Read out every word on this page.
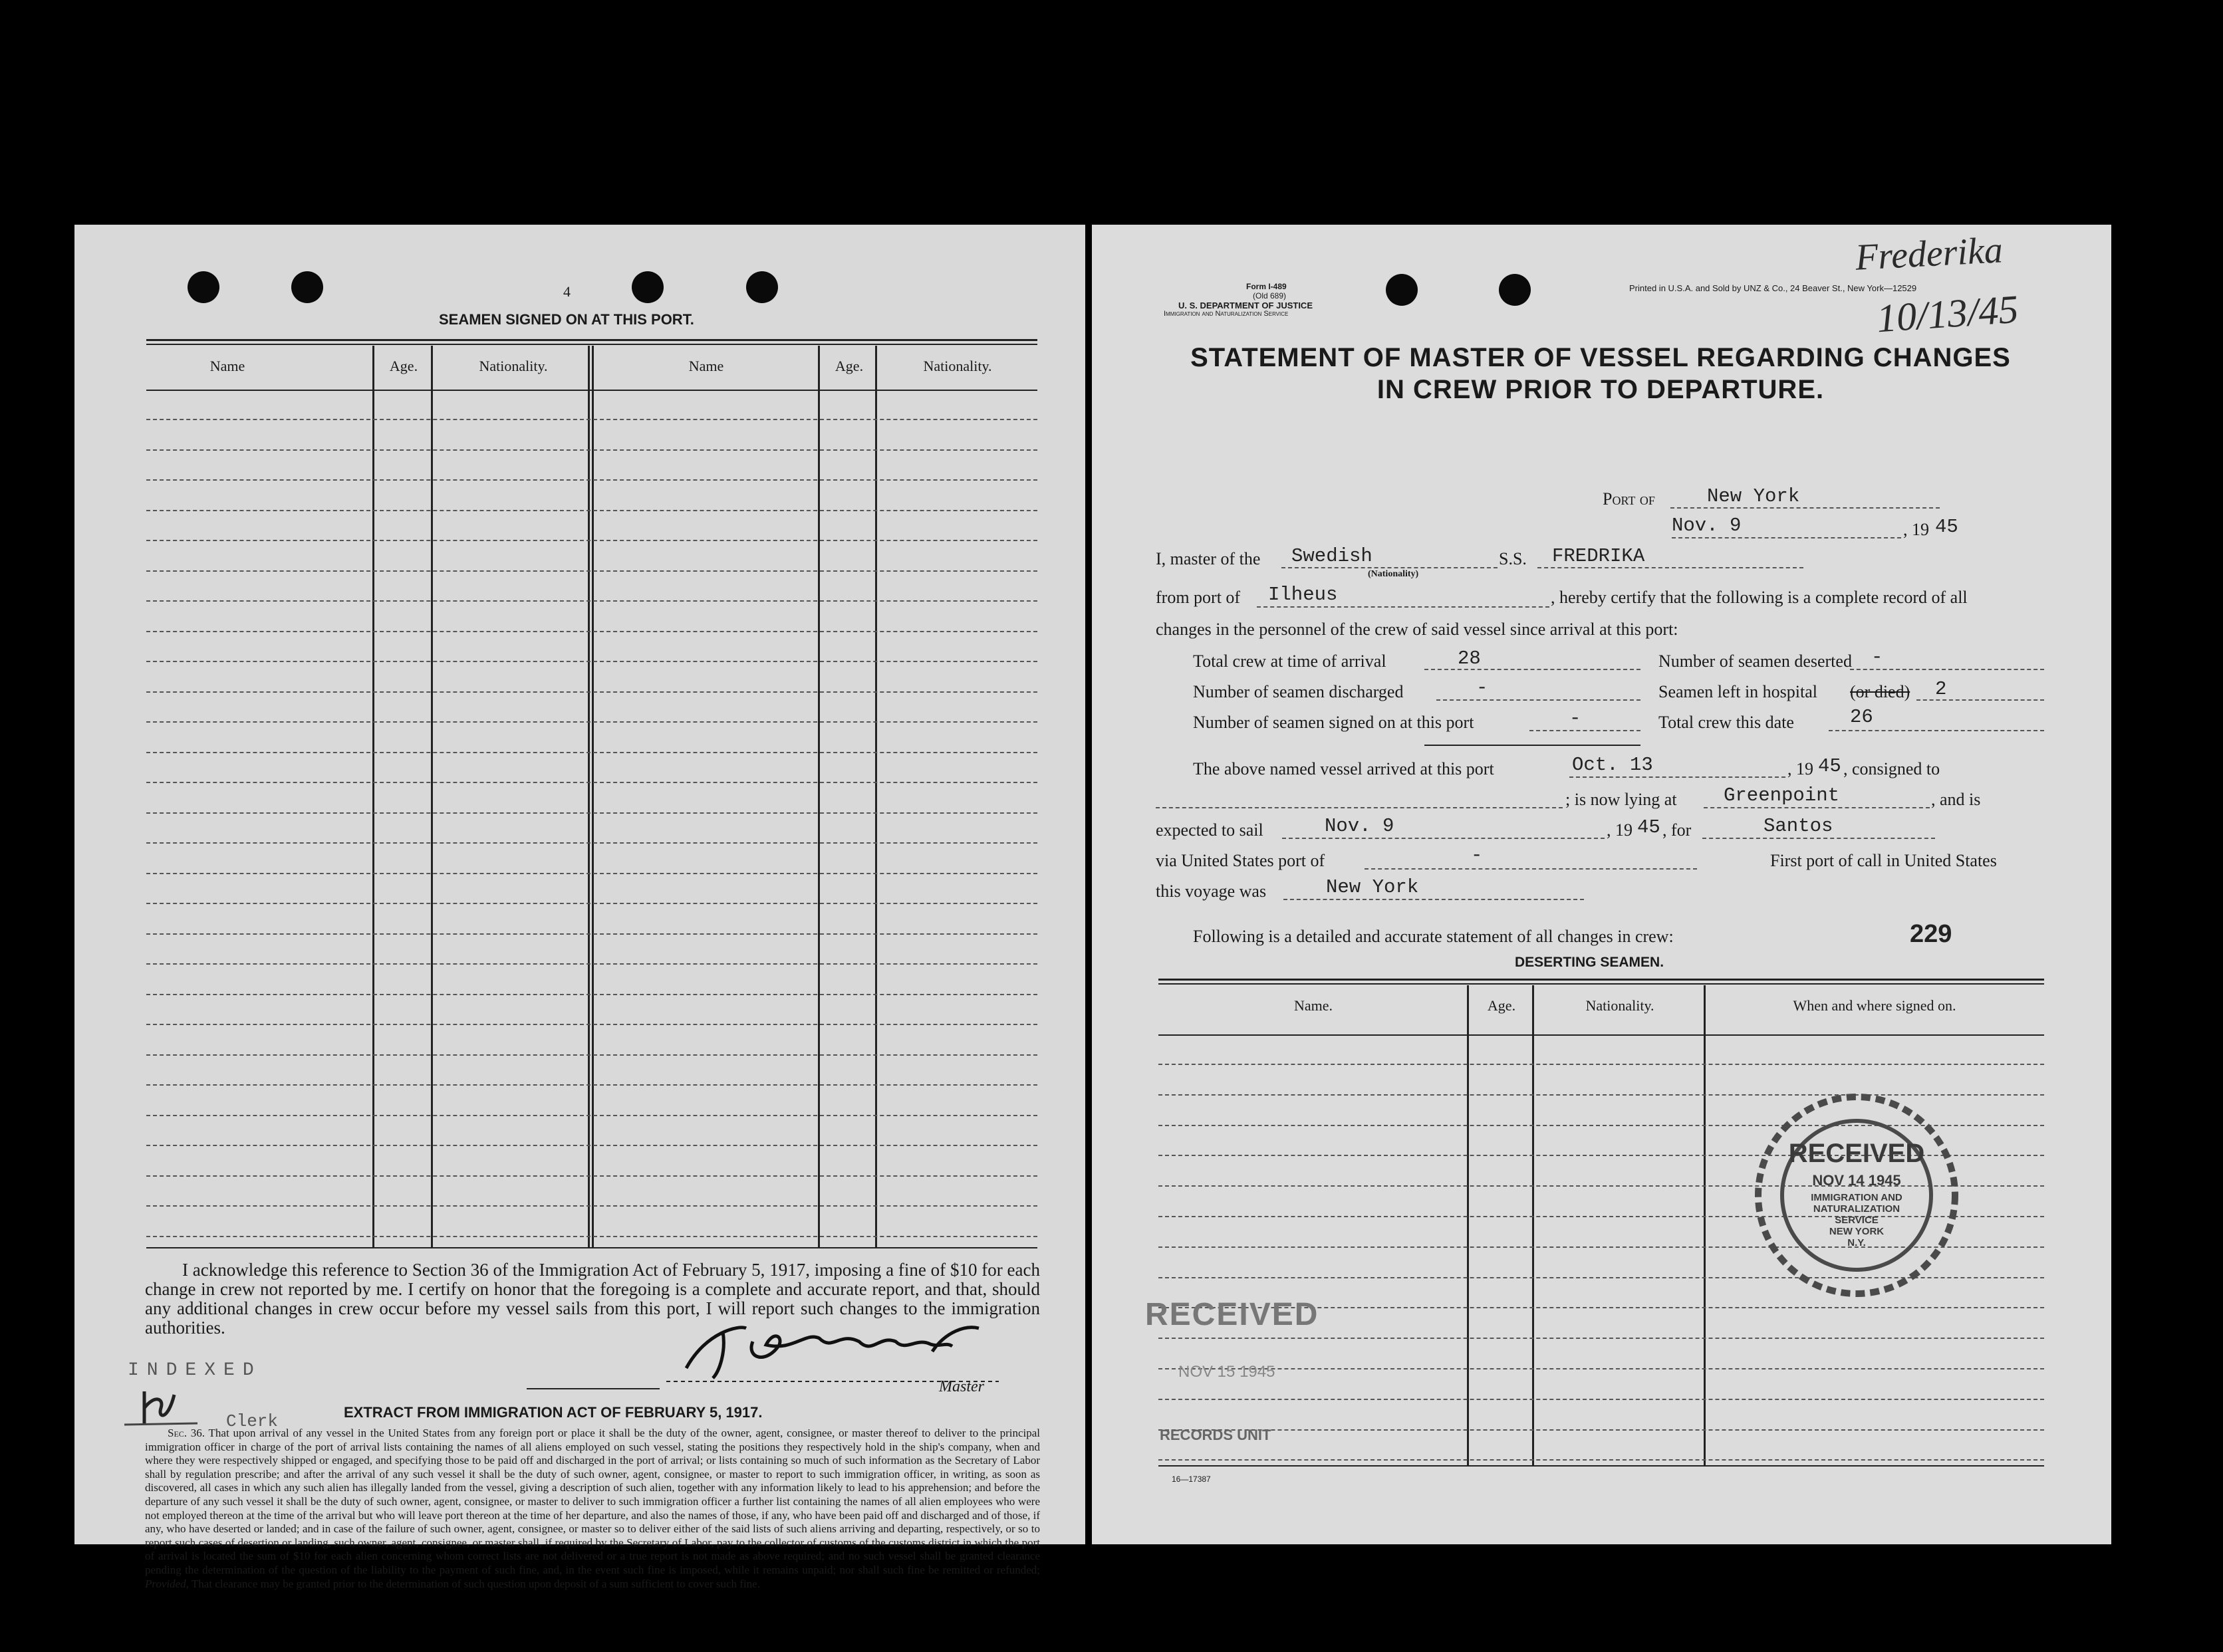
4
SEAMEN SIGNED ON AT THIS PORT.
Name	Age.	Nationality.	Name	Age.	Nationality.
I acknowledge this reference to Section 36 of the Immigration Act of February 5, 1917, imposing a fine of $10 for each change in crew not reported by me. I certify on honor that the foregoing is a complete and accurate report, and that, should any additional changes in crew occur before my vessel sails from this port, I will report such changes to the immigration authorities.
Master
INDEXED
Clerk	EXTRACT FROM IMMIGRATION ACT OF FEBRUARY 5, 1917.
Sec. 36. That upon arrival of any vessel in the United States from any foreign port or place it shall be the duty of the owner, agent, consignee, or master thereof to deliver to the principal immigration officer in charge of the port of arrival lists containing the names of all aliens employed on such vessel, stating the positions they respectively hold in the ship's company, when and where they were respectively shipped or engaged, and specifying those to be paid off and discharged in the port of arrival; or lists containing so much of such information as the Secretary of Labor shall by regulation prescribe; and after the arrival of any such vessel it shall be the duty of such owner, agent, consignee, or master to report to such immigration officer, in writing, as soon as discovered, all cases in which any such alien has illegally landed from the vessel, giving a description of such alien, together with any information likely to lead to his apprehension; and before the departure of any such vessel it shall be the duty of such owner, agent, consignee, or master to deliver to such immigration officer a further list containing the names of all alien employees who were not employed thereon at the time of the arrival but who will leave port thereon at the time of her departure, and also the names of those, if any, who have been paid off and discharged and of those, if any, who have deserted or landed; and in case of the failure of such owner, agent, consignee, or master so to deliver either of the said lists of such aliens arriving and departing, respectively, or so to report such cases of desertion or landing, such owner, agent, consignee, or master shall, if required by the Secretary of Labor, pay to the collector of customs of the customs district in which the port of arrival is located the sum of $10 for each alien concerning whom correct lists are not delivered or a true report is not made as above required; and no such vessel shall be granted clearance pending the determination of the question of the liability to the payment of such fine, and, in the event such fine is imposed, while it remains unpaid; nor shall such fine be remitted or refunded; Provided, That clearance may be granted prior to the determination of such question upon deposit of a sum sufficient to cover such fine.
Form I-489
(Old 689)
U. S. DEPARTMENT OF JUSTICE
Immigration and Naturalization Service
Printed in U.S.A. and Sold by UNZ & Co., 24 Beaver St., New York—12529
Frederika
10/13/45
STATEMENT OF MASTER OF VESSEL REGARDING CHANGES
IN CREW PRIOR TO DEPARTURE.
Port of	New York
Nov. 9	, 19 45
I, master of the Swedish
(Nationality)
S.S. FREDRIKA
from port of Ilheus	, hereby certify that the following is a complete record of all
changes in the personnel of the crew of said vessel since arrival at this port:
Total crew at time of arrival	28	Number of seamen deserted -
Number of seamen discharged	-	Seamen left in hospital (or died) 2
Number of seamen signed on at this port	-	Total crew this date	26
The above named vessel arrived at this port	Oct. 13	, 19 45 , consigned to
; is now lying at Greenpoint	, and is
expected to sail	Nov. 9	, 19 45 , for	Santos
via United States port of	-	First port of call in United States
this voyage was	New York
Following is a detailed and accurate statement of all changes in crew:	229
DESERTING SEAMEN.
Name.	Age.	Nationality.	When and where signed on.
RECEIVED
NOV 15 1945
RECORDS UNIT
RECEIVED
NOV 14 1945
IMMIGRATION AND
NATURALIZATION
SERVICE
NEW YORK
N.Y.
16—17387
